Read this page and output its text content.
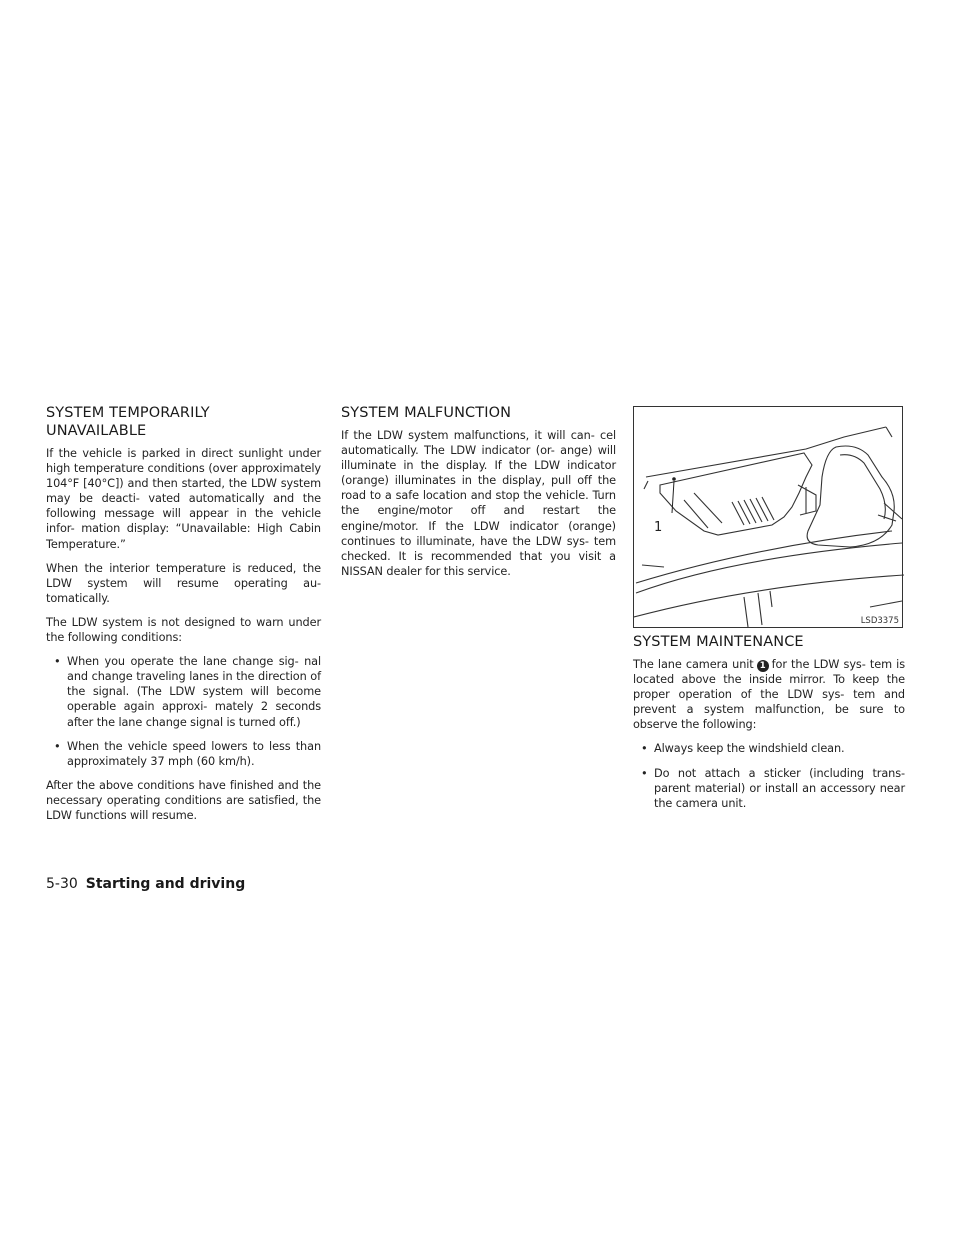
SYSTEM TEMPORARILY
UNAVAILABLE

If the vehicle is parked in direct sunlight under high temperature conditions (over approximately 104°F [40°C]) and then started, the LDW system may be deacti- vated automatically and the following message will appear in the vehicle infor- mation display: “Unavailable: High Cabin Temperature.”

When the interior temperature is reduced, the LDW system will resume operating au- tomatically.

The LDW system is not designed to warn under the following conditions:

• When you operate the lane change sig- nal and change traveling lanes in the direction of the signal. (The LDW system will become operable again approxi- mately 2 seconds after the lane change signal is turned off.)
• When the vehicle speed lowers to less than approximately 37 mph (60 km/h).

After the above conditions have finished and the necessary operating conditions are satisfied, the LDW functions will resume.

SYSTEM MALFUNCTION

If the LDW system malfunctions, it will can- cel automatically. The LDW indicator (or- ange) will illuminate in the display. If the LDW indicator (orange) illuminates in the display, pull off the road to a safe location and stop the vehicle. Turn the engine/motor off and restart the engine/motor. If the LDW indicator (orange) continues to illuminate, have the LDW sys- tem checked. It is recommended that you visit a NISSAN dealer for this service.

1
LSD3375
SYSTEM MAINTENANCE

The lane camera unit 1 for the LDW sys- tem is located above the inside mirror. To keep the proper operation of the LDW sys- tem and prevent a system malfunction, be sure to observe the following:

• Always keep the windshield clean.
• Do not attach a sticker (including trans- parent material) or install an accessory near the camera unit.
5-30 Starting and driving
